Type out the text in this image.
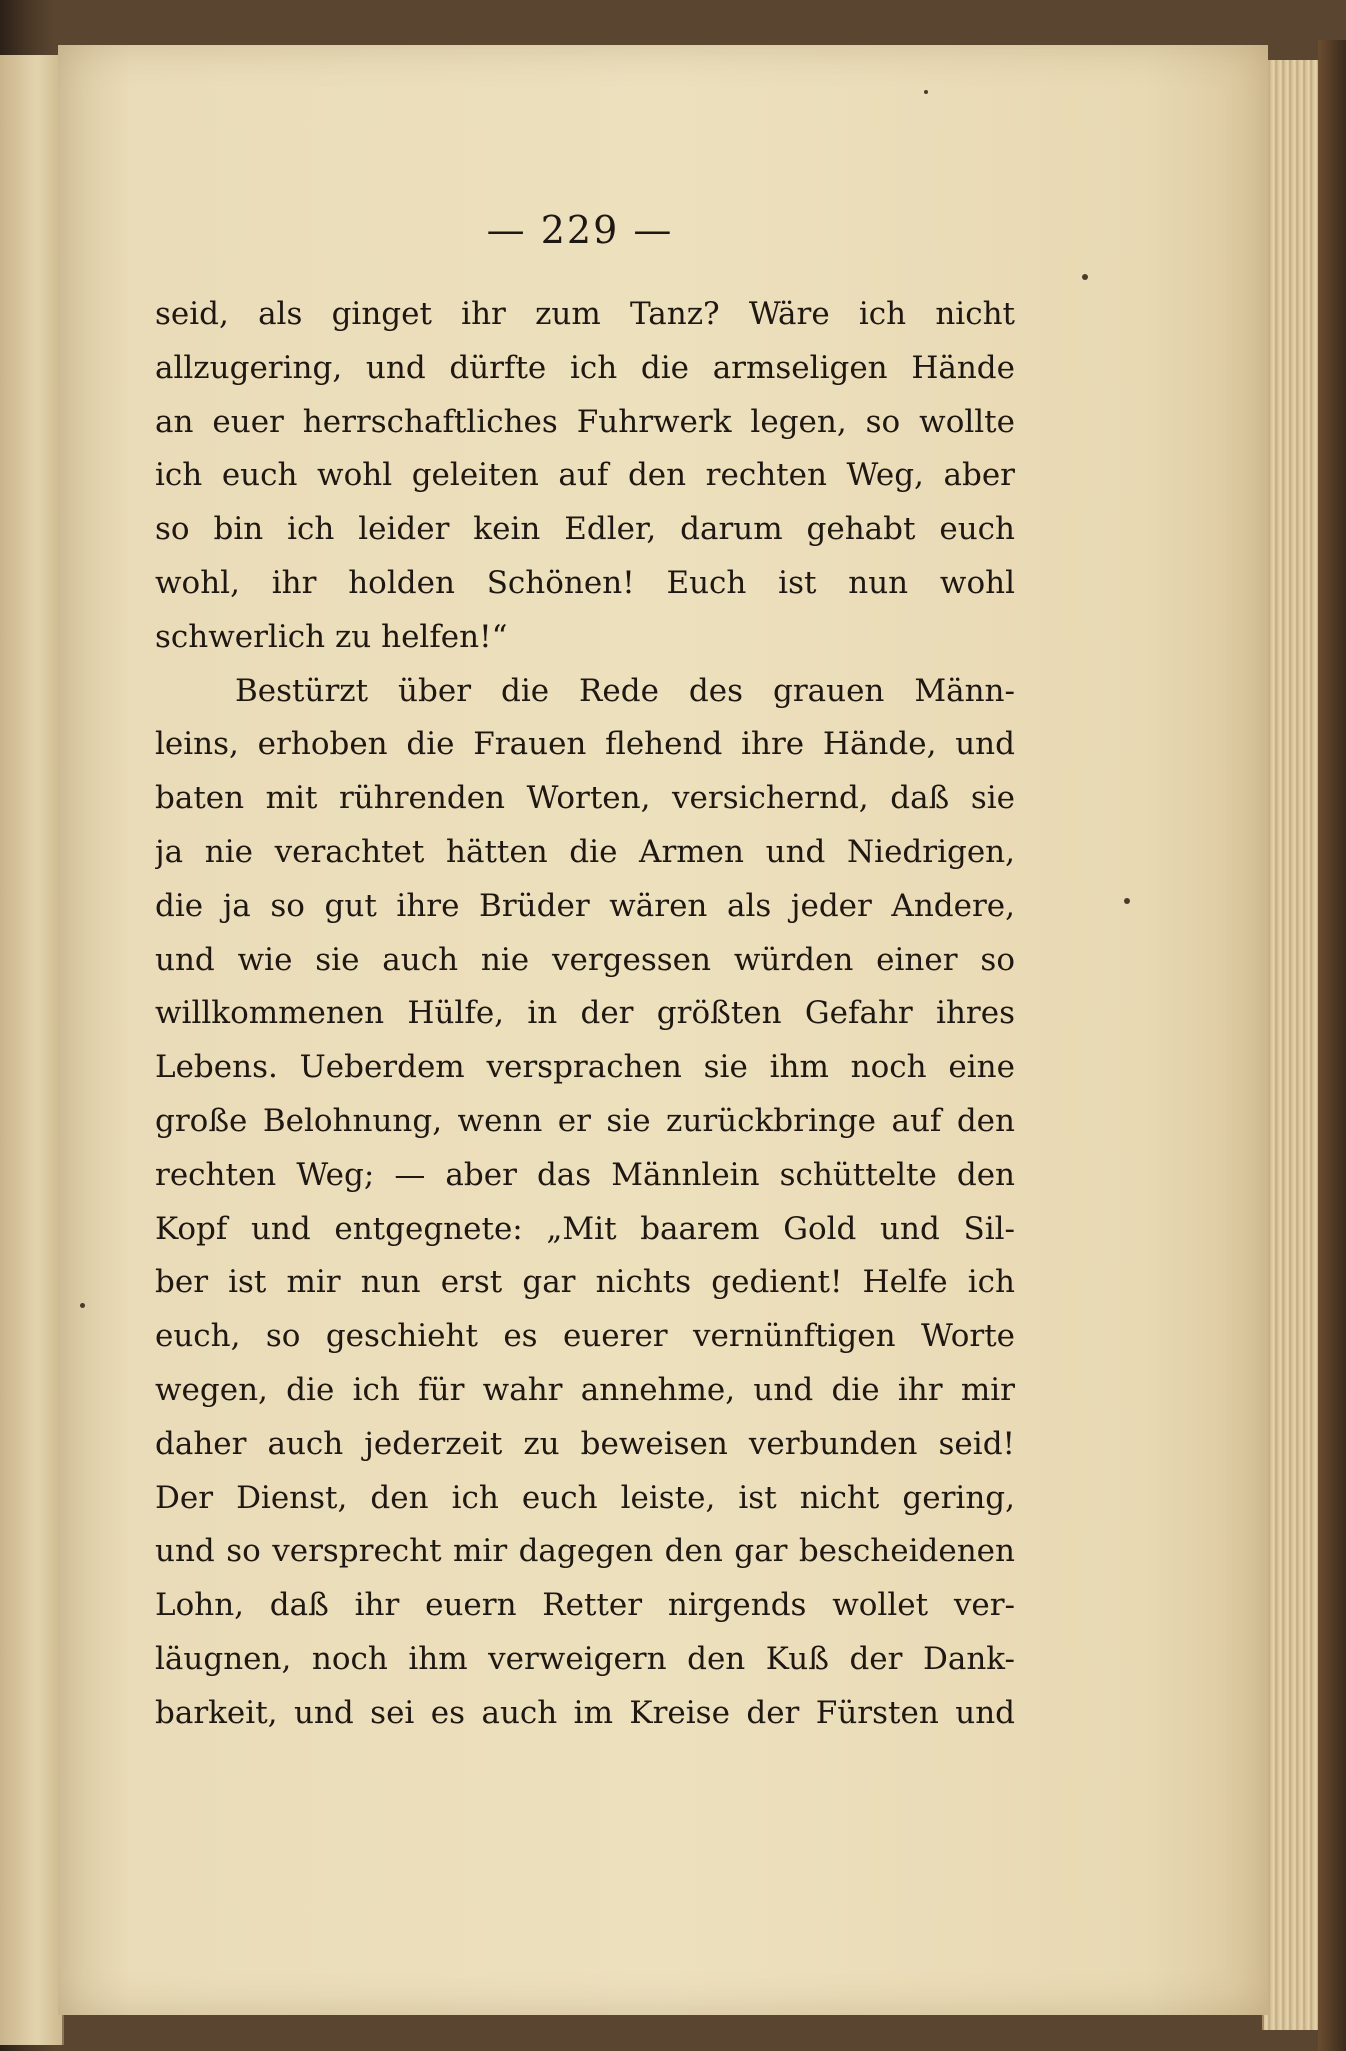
— 229 —
seid, als ginget ihr zum Tanz? Wäre ich nicht
allzugering, und dürfte ich die armseligen Hände
an euer herrschaftliches Fuhrwerk legen, so wollte
ich euch wohl geleiten auf den rechten Weg, aber
so bin ich leider kein Edler, darum gehabt euch
wohl, ihr holden Schönen! Euch ist nun wohl
schwerlich zu helfen!“
Bestürzt über die Rede des grauen Männ-
leins, erhoben die Frauen flehend ihre Hände, und
baten mit rührenden Worten, versichernd, daß sie
ja nie verachtet hätten die Armen und Niedrigen,
die ja so gut ihre Brüder wären als jeder Andere,
und wie sie auch nie vergessen würden einer so
willkommenen Hülfe, in der größten Gefahr ihres
Lebens. Ueberdem versprachen sie ihm noch eine
große Belohnung, wenn er sie zurückbringe auf den
rechten Weg; — aber das Männlein schüttelte den
Kopf und entgegnete: „Mit baarem Gold und Sil-
ber ist mir nun erst gar nichts gedient! Helfe ich
euch, so geschieht es euerer vernünftigen Worte
wegen, die ich für wahr annehme, und die ihr mir
daher auch jederzeit zu beweisen verbunden seid!
Der Dienst, den ich euch leiste, ist nicht gering,
und so versprecht mir dagegen den gar bescheidenen
Lohn, daß ihr euern Retter nirgends wollet ver-
läugnen, noch ihm verweigern den Kuß der Dank-
barkeit, und sei es auch im Kreise der Fürsten und
